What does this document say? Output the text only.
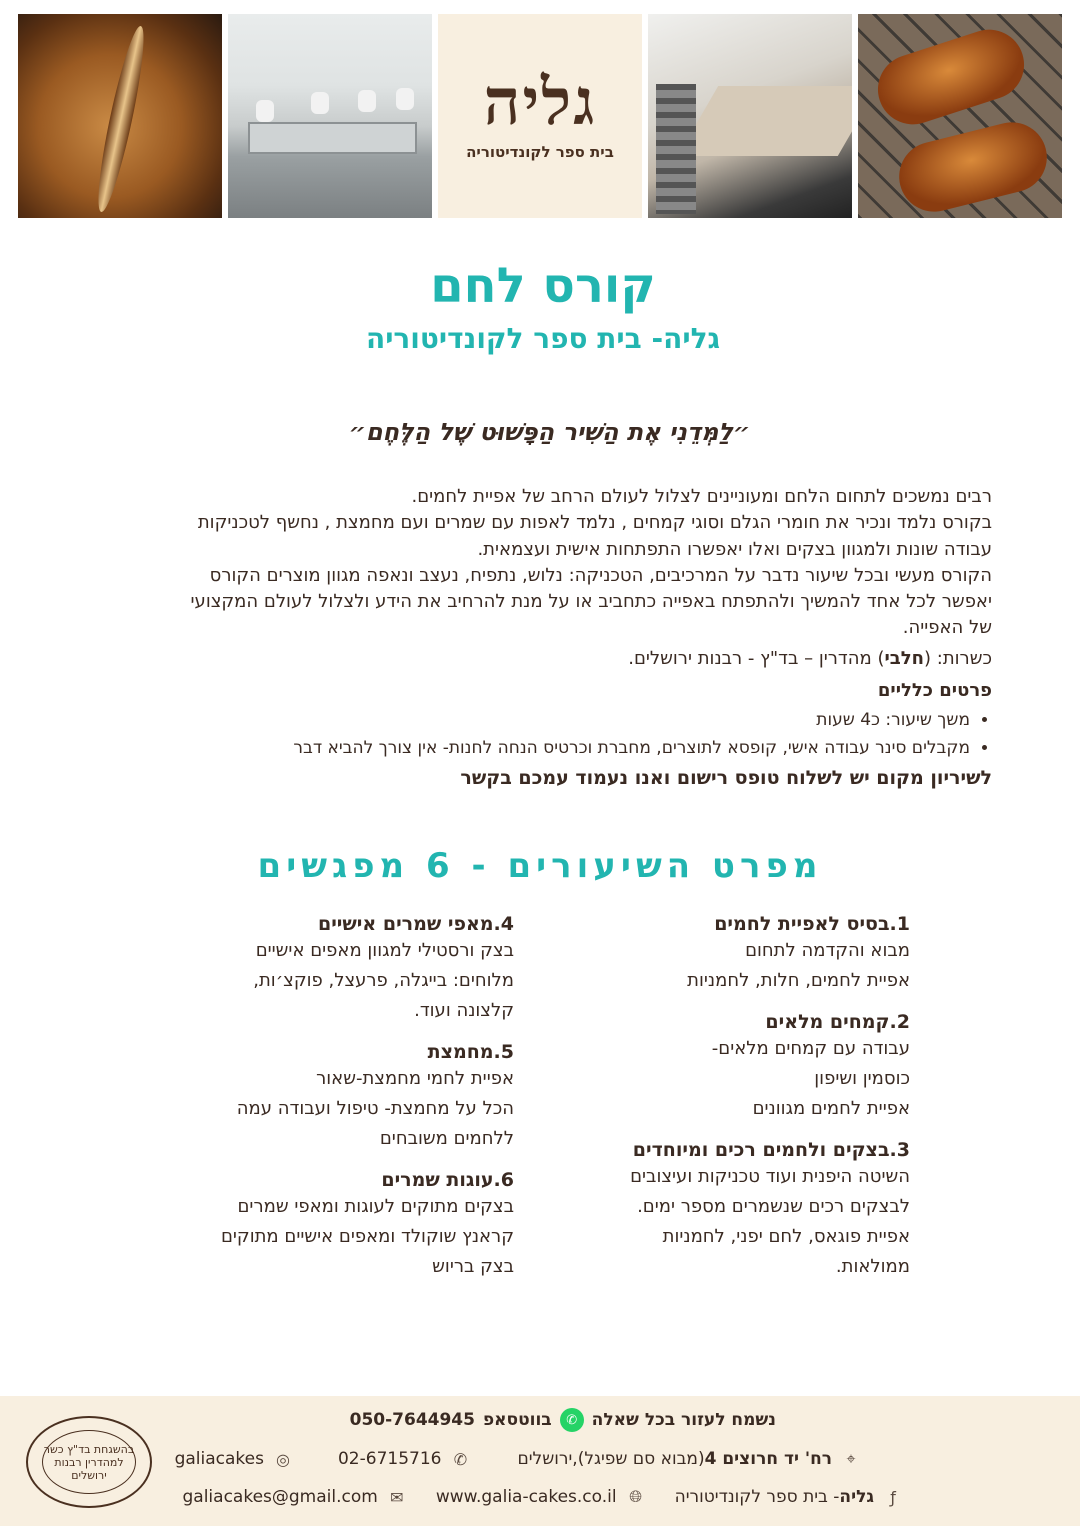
גליה
בית ספר לקונדיטוריה
קורס לחם
גליה- בית ספר לקונדיטוריה
״לַמְּדֵנִי אֶת הַשִּׁיר הַפָּשׁוּט שֶׁל הַלֶּחֶם״

רבים נמשכים לתחום הלחם ומעוניינים לצלול לעולם הרחב של אפיית לחמים.

בקורס נלמד ונכיר את חומרי הגלם וסוגי קמחים , נלמד לאפות עם שמרים ועם מחמצת , נחשף לטכניקות עבודה שונות ולמגוון בצקים ואלו יאפשרו התפתחות אישית ועצמאית.

הקורס מעשי ובכל שיעור נדבר על המרכיבים, הטכניקה: נלוש, נתפיח, נעצב ונאפה מגוון מוצרים הקורס יאפשר לכל אחד להמשיך ולהתפתח באפייה כתחביב או על מנת להרחיב את הידע ולצלול לעולם המקצועי של האפייה.

כשרות: (חלבי) מהדרין – בד"ץ - רבנות ירושלים.
פרטים כלליים
• משך שיעור: כ4 שעות
• מקבלים סינר עבודה אישי, קופסא לתוצרים, מחברת וכרטיס הנחה לחנות- אין צורך להביא דבר
לשיריון מקום יש לשלוח טופס רישום ואנו נעמוד עמכם בקשר
מפרט השיעורים - 6 מפגשים
1.בסיס לאפיית לחמים
מבוא והקדמה לתחום
אפיית לחמים, חלות, לחמניות
2.קמחים מלאים
עבודה עם קמחים מלאים-
כוסמין ושיפון
אפיית לחמים מגוונים
3.בצקים ולחמים רכים ומיוחדים
השיטה היפנית ועוד טכניקות ועיצובים
לבצקים רכים שנשמרים מספר ימים.
אפיית פוגאס, לחם יפני, לחמניות
ממולאות.
4.מאפי שמרים אישיים
בצק ורסטילי למגוון מאפים אישיים
מלוחים: בייגלה, פרעצל, פוקצ׳ות,
קלצונה ועוד.
5.מחמצת
אפיית לחמי מחמצת-שאור
הכל על מחמצת- טיפול ועבודה עמה
ללחמים משובחים
6.עוגות שמרים
בצקים מתוקים לעוגות ומאפי שמרים
קראנץ שוקולד ומאפים אישיים מתוקים
בצק בריוש
בהשגחת בד"ץ כשר למהדרין רבנות ירושלים
נשמח לעזור בכל שאלה
✆
בווטסאפ
050-7644945
⌖
רח' יד חרוצים 4(מבוא סם שפיגל),ירושלים
✆
02-6715716
◎
galiacakes
ƒ
גליה- בית ספר לקונדיטוריה
🌐︎
www.galia-cakes.co.il
✉
galiacakes@gmail.com
